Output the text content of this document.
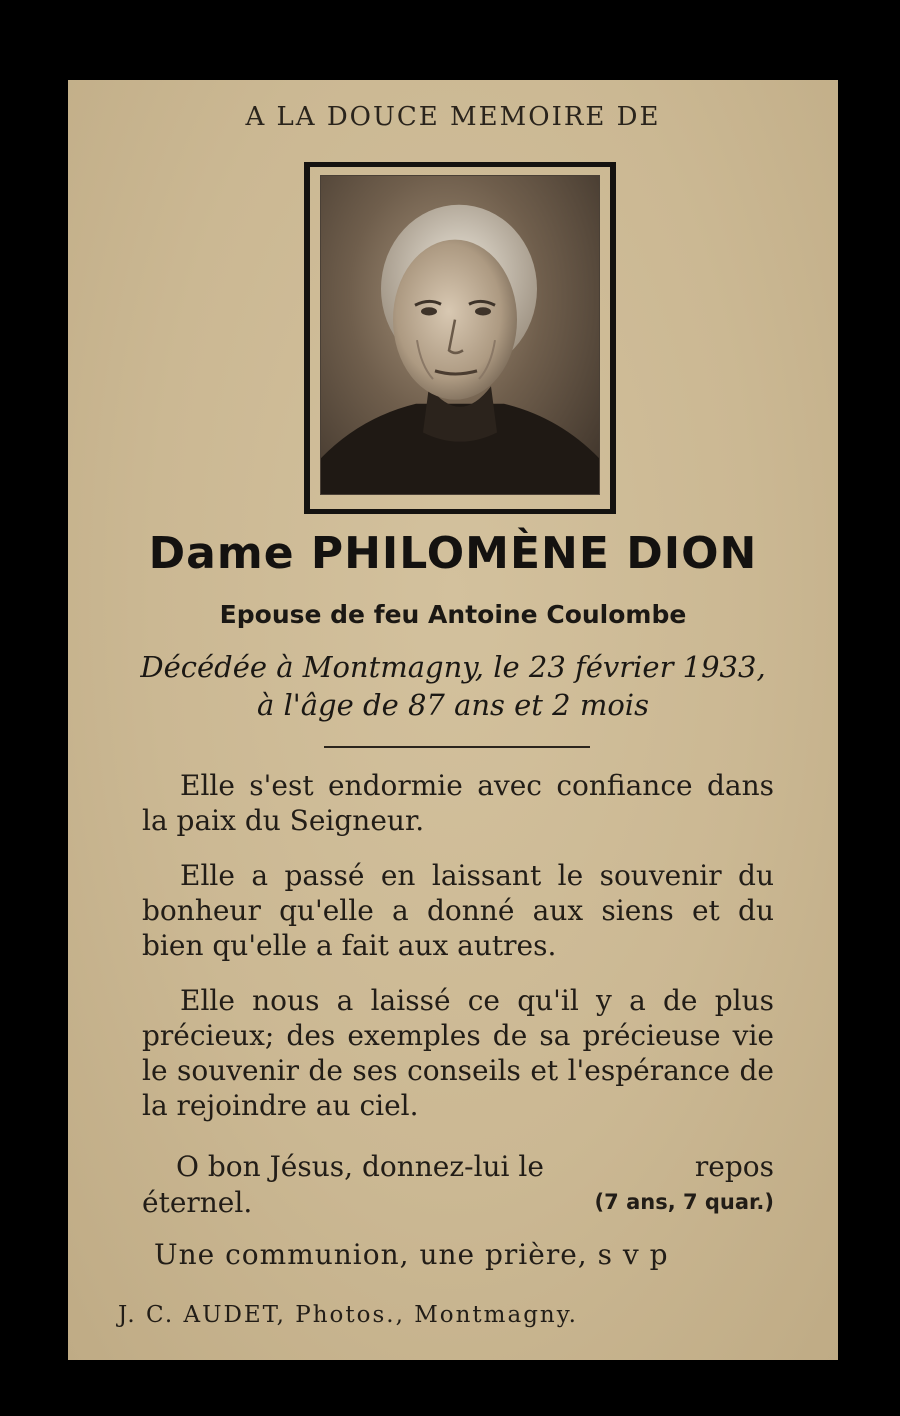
A LA DOUCE MEMOIRE DE
Dame PHILOMÈNE DION
Epouse de feu Antoine Coulombe
Décédée à Montmagny, le 23 février 1933,
à l'âge de 87 ans et 2 mois
Elle s'est endormie avec confiance dans la paix du Seigneur.
Elle a passé en laissant le souvenir du bonheur qu'elle a donné aux siens et du bien qu'elle a fait aux autres.
Elle nous a laissé ce qu'il y a de plus précieux; des exemples de sa précieuse vie le souvenir de ses conseils et l'espérance de la rejoindre au ciel.
O bon Jésus, donnez-lui le	repos
éternel.	(7 ans, 7 quar.)
Une communion, une prière, s v p
J. C. AUDET, Photos., Montmagny.
